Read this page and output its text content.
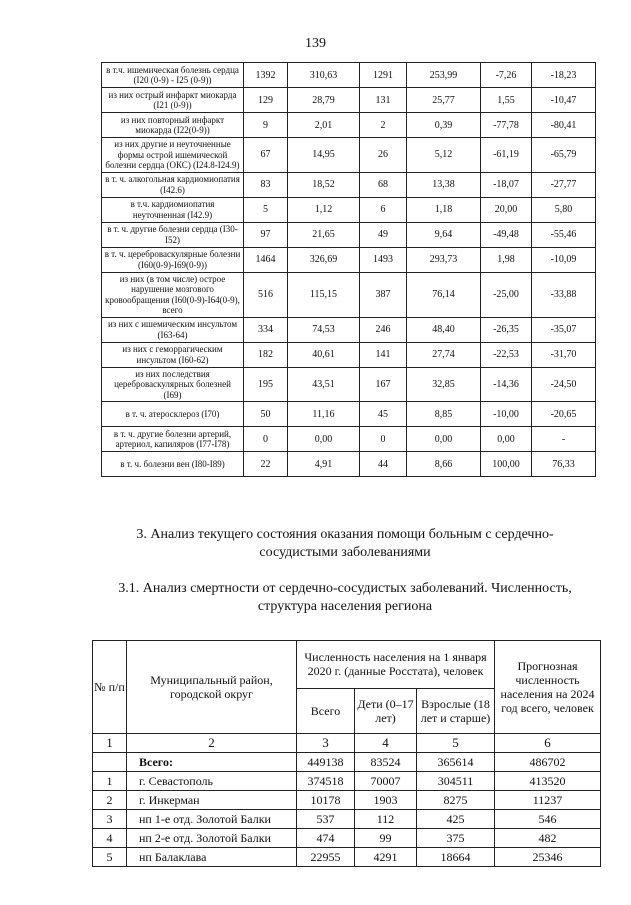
139
в т.ч. ишемическая болезнь сердца (I20 (0-9) - I25 (0-9))	1392	310,63	1291	253,99	-7,26	-18,23
из них острый инфаркт миокарда (I21 (0-9))	129	28,79	131	25,77	1,55	-10,47
из них повторный инфаркт миокарда (I22(0-9))	9	2,01	2	0,39	-77,78	-80,41
из них другие и неуточненные формы острой ишемической болезни сердца (ОКС) (I24.8-I24.9)	67	14,95	26	5,12	-61,19	-65,79
в т. ч. алкогольная кардиомиопатия (I42.6)	83	18,52	68	13,38	-18,07	-27,77
в т.ч. кардиомиопатия неуточненная (I42.9)	5	1,12	6	1,18	20,00	5,80
в т. ч. другие болезни сердца (I30-I52)	97	21,65	49	9,64	-49,48	-55,46
в т. ч. цереброваскулярные болезни (I60(0-9)-I69(0-9))	1464	326,69	1493	293,73	1,98	-10,09
из них (в том числе) острое нарушение мозгового кровообращения (I60(0-9)-I64(0-9), всего	516	115,15	387	76,14	-25,00	-33,88
из них с ишемическим инсультом (I63-64)	334	74,53	246	48,40	-26,35	-35,07
из них с геморрагическим инсультом (I60-62)	182	40,61	141	27,74	-22,53	-31,70
из них последствия цереброваскулярных болезней (I69)	195	43,51	167	32,85	-14,36	-24,50
в т. ч. атеросклероз (I70)	50	11,16	45	8,85	-10,00	-20,65
в т. ч. другие болезни артерий, артериол, капиляров (I77-I78)	0	0,00	0	0,00	0,00	-
в т. ч. болезни вен (I80-I89)	22	4,91	44	8,66	100,00	76,33
3. Анализ текущего состояния оказания помощи больным с сердечно-сосудистыми заболеваниями
3.1. Анализ смертности от сердечно-сосудистых заболеваний. Численность, структура населения региона
№ п/п	Муниципальный район, городской округ	Численность населения на 1 января 2020 г. (данные Росстата), человек			Прогнозная численность населения на 2024 год всего, человек
		Всего	Дети (0–17 лет)	Взрослые (18 лет и старше)	
1	2	3	4	5	6
	Всего:	449138	83524	365614	486702
1	г. Севастополь	374518	70007	304511	413520
2	г. Инкерман	10178	1903	8275	11237
3	нп 1-е отд. Золотой Балки	537	112	425	546
4	нп 2-е отд. Золотой Балки	474	99	375	482
5	нп Балаклава	22955	4291	18664	25346
